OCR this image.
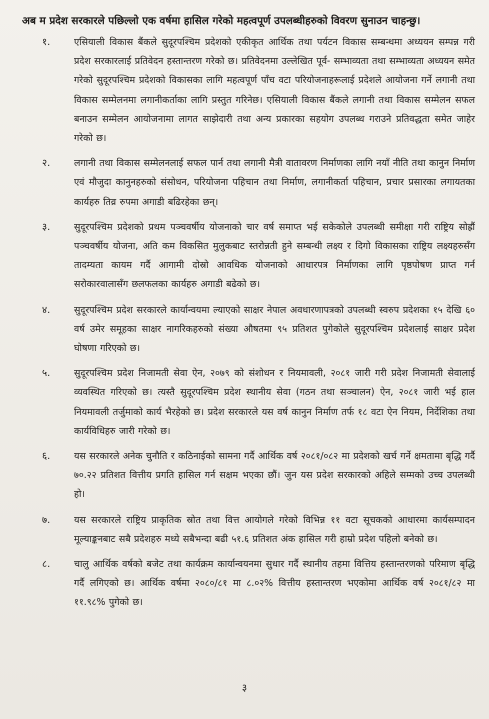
अब म प्रदेश सरकारले पछिल्लो एक वर्षमा हासिल गरेको महत्वपूर्ण उपलब्धीहरुको विवरण सुनाउन चाहन्छु।

१.	एसियाली विकास बैंकले सुदूरपश्चिम प्रदेशको एकीकृत आर्थिक तथा पर्यटन विकास सम्बन्धमा अध्ययन सम्पन्न गरी प्रदेश सरकारलाई प्रतिवेदन हस्तान्तरण गरेको छ। प्रतिवेदनमा उल्लेखित पूर्व- सम्भाव्यता तथा सम्भाव्यता अध्ययन समेत गरेको सुदूरपश्चिम प्रदेशको विकासका लागि महत्वपूर्ण पाँच वटा परियोजनाहरूलाई प्रदेशले आयोजना गर्ने लगानी तथा विकास सम्मेलनमा लगानीकर्ताका लागि प्रस्तुत गरिनेछ। एसियाली विकास बैंकले लगानी तथा विकास सम्मेलन सफल बनाउन सम्मेलन आयोजनामा लागत साझेदारी तथा अन्य प्रकारका सहयोग उपलब्ध गराउने प्रतिवद्धता समेत जाहेर गरेको छ।
२.	लगानी तथा विकास सम्मेलनलाई सफल पार्न तथा लगानी मैत्री वातावरण निर्माणका लागि नयाँ नीति तथा कानुन निर्माण एवं मौजुदा कानुनहरुको संसोधन, परियोजना पहिचान तथा निर्माण, लगानीकर्ता पहिचान, प्रचार प्रसारका लगायतका कार्यहरु तिव्र रुपमा अगाडी बढिरहेका छन्।
३.	सुदूरपश्चिम प्रदेशको प्रथम पञ्चवर्षीय योजनाको चार वर्ष समाप्त भई सकेकोले उपलब्धी समीक्षा गरी राष्ट्रिय सोह्रौं पञ्चवर्षीय योजना, अति कम विकसित मुलुकबाट स्तरोन्नती हुने सम्बन्धी लक्ष्य र दिगो विकासका राष्ट्रिय लक्ष्यहरुसँग तादम्यता कायम गर्दै आगामी दोस्रो आवधिक योजनाको आधारपत्र निर्माणका लागि पृष्ठपोषण प्राप्त गर्न सरोकारवालासँग छलफलका कार्यहरु अगाडी बढेको छ।
४.	सुदूरपश्चिम प्रदेश सरकारले कार्यान्वयमा ल्याएको साक्षर नेपाल अवधारणापत्रको उपलब्धी स्वरुप प्रदेशका १५ देखि ६० वर्ष उमेर समूहका साक्षर नागरिकहरुको संख्या औषतमा ९५ प्रतिशत पुगेकोले सुदूरपश्चिम प्रदेशलाई साक्षर प्रदेश घोषणा गरिएको छ।
५.	सुदूरपश्चिम प्रदेश निजामती सेवा ऐन, २०७९ को संशोधन र नियमावली, २०८१ जारी गरी प्रदेश निजामती सेवालाई व्यवस्थित गरिएको छ। त्यस्तै सुदूरपश्चिम प्रदेश स्थानीय सेवा (गठन तथा सञ्चालन) ऐन, २०८१ जारी भई हाल नियमावली तर्जुमाको कार्य भैरहेको छ। प्रदेश सरकारले यस वर्ष कानुन निर्माण तर्फ १८ वटा ऐन नियम, निर्देशिका तथा कार्यविधिहरु जारी गरेको छ।
६.	यस सरकारले अनेक चुनौति र कठिनाईको सामना गर्दै आर्थिक वर्ष २०८१/०८२ मा प्रदेशको खर्च गर्ने क्षमतामा बृद्धि गर्दै ७०.२२ प्रतिशत वित्तीय प्रगति हासिल गर्न सक्षम भएका छौं। जुन यस प्रदेश सरकारको अहिले सम्मको उच्च उपलब्धी हो।
७.	यस सरकारले राष्ट्रिय प्राकृतिक स्रोत तथा वित्त आयोगले गरेको विभिन्न ११ वटा सूचकको आधारमा कार्यसम्पादन मूल्याङ्कनबाट सबै प्रदेशहरु मध्ये सबैभन्दा बढी ५१.६ प्रतिशत अंक हासिल गरी हाम्रो प्रदेश पहिलो बनेको छ।
८.	चालु आर्थिक वर्षको बजेट तथा कार्यक्रम कार्यान्वयनमा सुधार गर्दै स्थानीय तहमा वित्तिय हस्तान्तरणको परिमाण बृद्धि गर्दै लगिएको छ। आर्थिक वर्षमा २०८०/८१ मा ८.०२% वित्तीय हस्तान्तरण भएकोमा आर्थिक वर्ष २०८१/८२ मा ११.९८% पुगेको छ।
३
